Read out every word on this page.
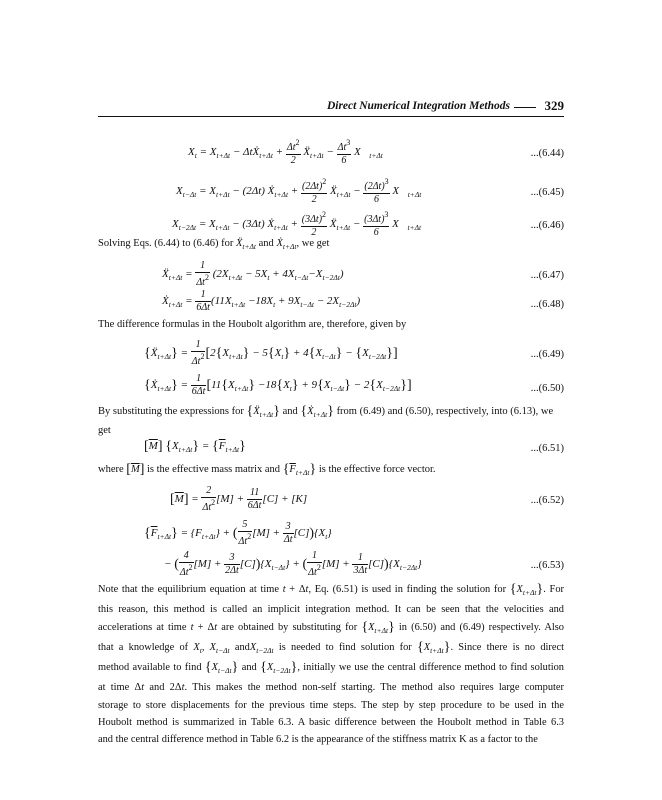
Direct Numerical Integration Methods	329
$X_t = X_{t+\Delta t}$ − ΔtẊ$_{t+\Delta t}$ + $\frac{\Delta t^2}{2}$ Ẍ$_{t+\Delta t}$ − $\frac{\Delta t^3}{6}$ $X⃛_{t+\Delta t}$	...(6.44)
$X_{t-\Delta t} = X_{t+\Delta t} - (2\Delta t)$ Ẋ$_{t+\Delta t}$ + $\frac{(2\Delta t)^2}{2}$ Ẍ$_{t+\Delta t}$ − $\frac{(2\Delta t)^3}{6}$ $X⃛_{t+\Delta t}$	...(6.45)
$X_{t-2\Delta t} = X_{t+\Delta t} - (3\Delta t)$ Ẋ$_{t+\Delta t}$ + $\frac{(3\Delta t)^2}{2}$ Ẍ$_{t+\Delta t}$ − $\frac{(3\Delta t)^3}{6}$ $X⃛_{t+\Delta t}$	...(6.46)
Solving Eqs. (6.44) to (6.46) for Ẍ$_{t+\Delta t}$ and Ẋ$_{t+\Delta t}$, we get
Ẍ$_{t+\Delta t}$ = $\frac{1}{\Delta t^2} (2X_{t+\Delta t} - 5X_t + 4X_{t-\Delta t}-X_{t-2\Delta t})$	...(6.47)
Ẋ$_{t+\Delta t}$ = $\frac{1}{6\Delta t} (11X_{t+\Delta t} -18X_t + 9X_{t-\Delta t} - 2X_{t-2\Delta t})$	...(6.48)
The difference formulas in the Houbolt algorithm are, therefore, given by
{Ẍ$_{t+\Delta t}$} = $\frac{1}{\Delta t^2} [2\{X_{t+\Delta t}\} - 5\{X_t\} + 4\{X_{t-\Delta t}\} - \{X_{t-2\Delta t}\}]$	...(6.49)
{Ẋ$_{t+\Delta t}$} = $\frac{1}{6\Delta t} [11\{X_{t+\Delta t}\} -18\{X_t\} + 9\{X_{t-\Delta t}\} - 2\{X_{t-2\Delta t}\}]$	...(6.50)
By substituting the expressions for {Ẍ$_{t+\Delta t}$} and {Ẋ$_{t+\Delta t}$} from (6.49) and (6.50), respectively, into (6.13), we
get
$[\overline{M}] \{X_{t+\Delta t}\} = \{\overline{F}_{t+\Delta t}\}$	...(6.51)
where $[\overline{M}]$ is the effective mass matrix and $\{\overline{F}_{t+\Delta t}\}$ is the effective force vector.
$[\overline{M}] = \frac{2}{\Delta t^2} [M] + \frac{11}{6\Delta t} [C] + [K]$	...(6.52)
$\{\overline{F}_{t+\Delta t}\} = \{F_{t+\Delta t}\}$ + ( $\frac{5}{\Delta t^2} [M] + \frac{3}{\Delta t} [C])\{X_t\}$
− ( $\frac{4}{\Delta t^2} [M] + \frac{3}{2\Delta t} [C])\{X_{t-\Delta t}\}$ + ( $\frac{1}{\Delta t^2} [M] + \frac{1}{3\Delta t} [C])\{X_{t-2\Delta t}\}$	...(6.53)
Note that the equilibrium equation at time t + Δt, Eq. (6.51) is used in finding the solution for $\{X_{t+\Delta t}\}$. For
this reason, this method is called an implicit integration method. It can be seen that the velocities and
accelerations at time t + Δt are obtained by substituting for $\{X_{t+\Delta t}\}$ in (6.50) and (6.49) respectively. Also
that a knowledge of $X_t$, $X_{t-\Delta t}$ andX$_{t-2\Delta t}$ is needed to find solution for $\{X_{t+\Delta t}\}$. Since there is no direct
method available to find $\{X_{t-\Delta t}\}$ and $\{X_{t-2\Delta t}\}$, initially we use the central difference method to find solution
at time Δt and 2Δt. This makes the method non-self starting. The method also requires large computer
storage to store displacements for the previous time steps. The step by step procedure to be used in the
Houbolt method is summarized in Table 6.3. A basic difference between the Houbolt method in Table 6.3
and the central difference method in Table 6.2 is the appearance of the stiffness matrix K as a factor to the
